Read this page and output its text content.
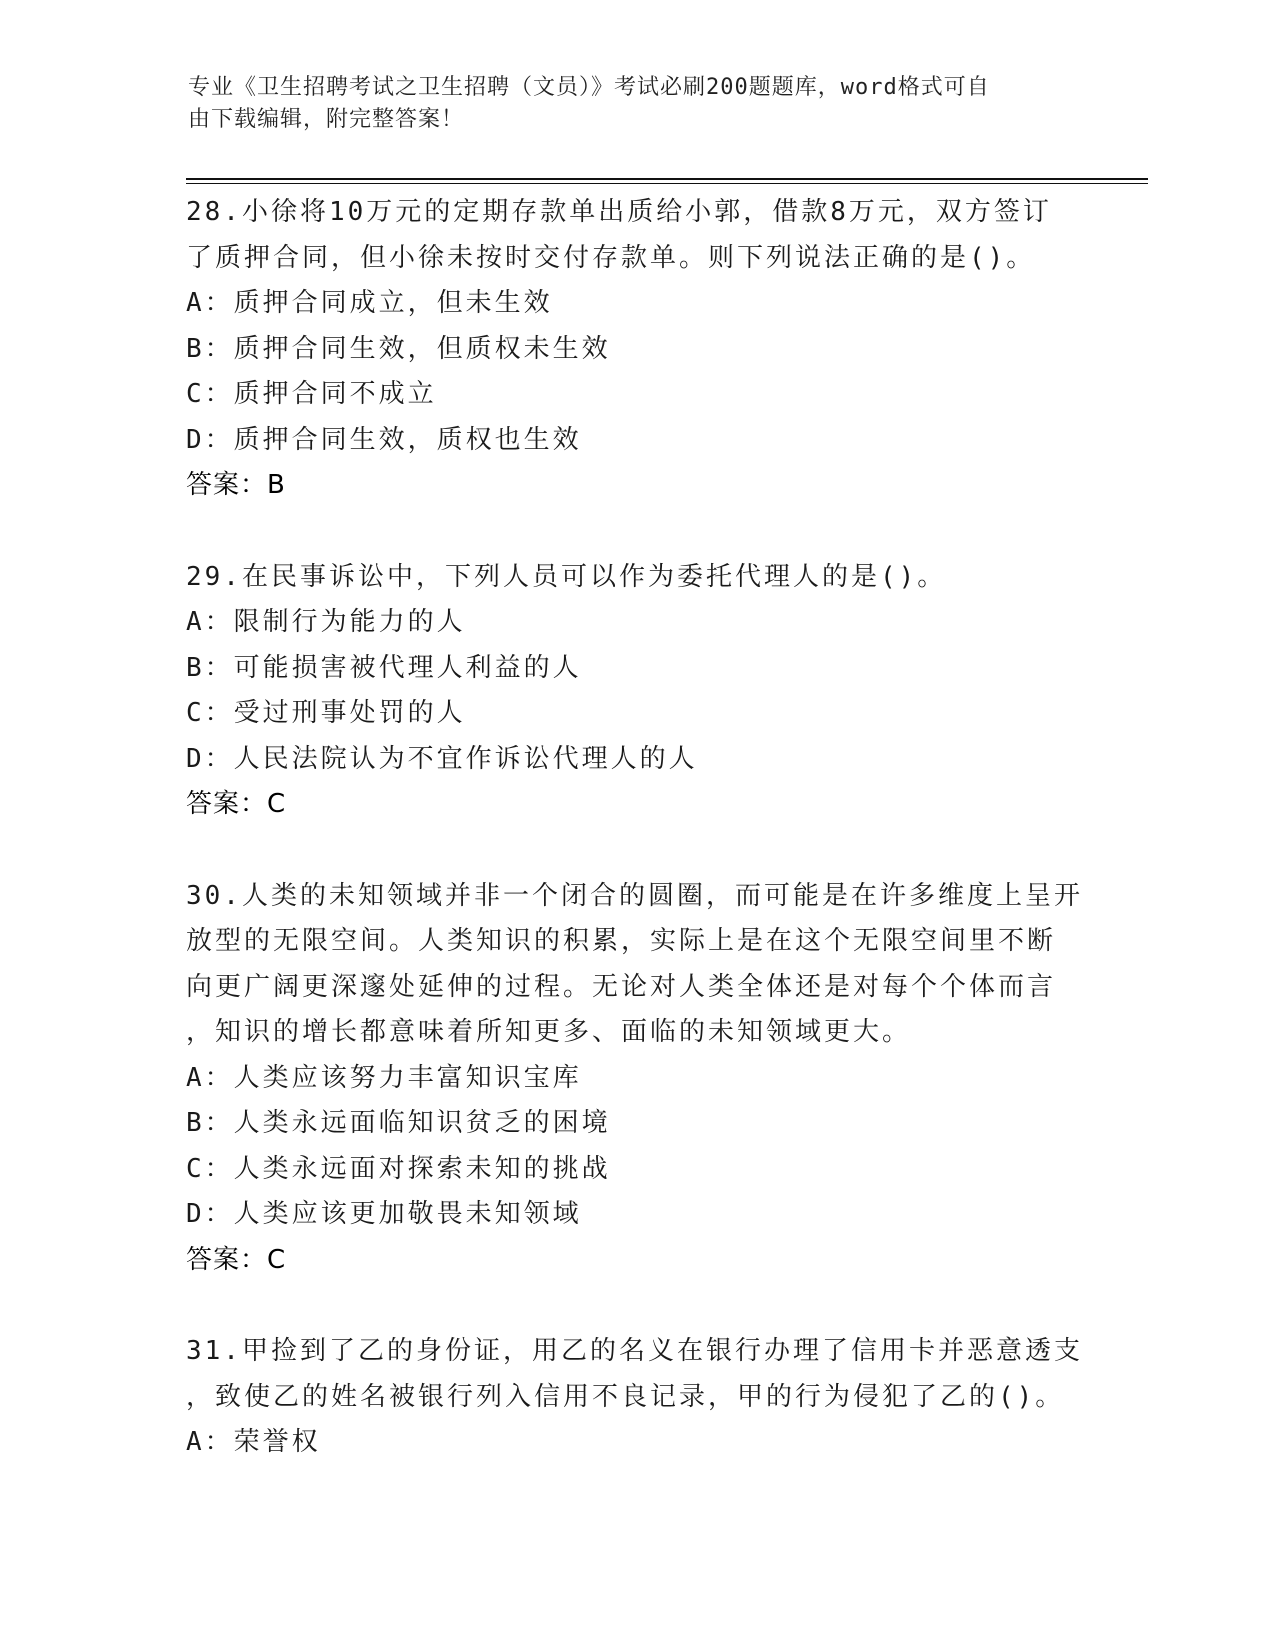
专业《卫生招聘考试之卫生招聘（文员）》考试必刷200题题库，word格式可自
由下载编辑，附完整答案！
28.小徐将10万元的定期存款单出质给小郭，借款8万元，双方签订
了质押合同，但小徐未按时交付存款单。则下列说法正确的是()。
A：质押合同成立，但未生效
B：质押合同生效，但质权未生效
C：质押合同不成立
D：质押合同生效，质权也生效
答案：B
29.在民事诉讼中，下列人员可以作为委托代理人的是()。
A：限制行为能力的人
B：可能损害被代理人利益的人
C：受过刑事处罚的人
D：人民法院认为不宜作诉讼代理人的人
答案：C
30.人类的未知领域并非一个闭合的圆圈，而可能是在许多维度上呈开
放型的无限空间。人类知识的积累，实际上是在这个无限空间里不断
向更广阔更深邃处延伸的过程。无论对人类全体还是对每个个体而言
，知识的增长都意味着所知更多、面临的未知领域更大。
A：人类应该努力丰富知识宝库
B：人类永远面临知识贫乏的困境
C：人类永远面对探索未知的挑战
D：人类应该更加敬畏未知领域
答案：C
31.甲捡到了乙的身份证，用乙的名义在银行办理了信用卡并恶意透支
，致使乙的姓名被银行列入信用不良记录，甲的行为侵犯了乙的()。
A：荣誉权
